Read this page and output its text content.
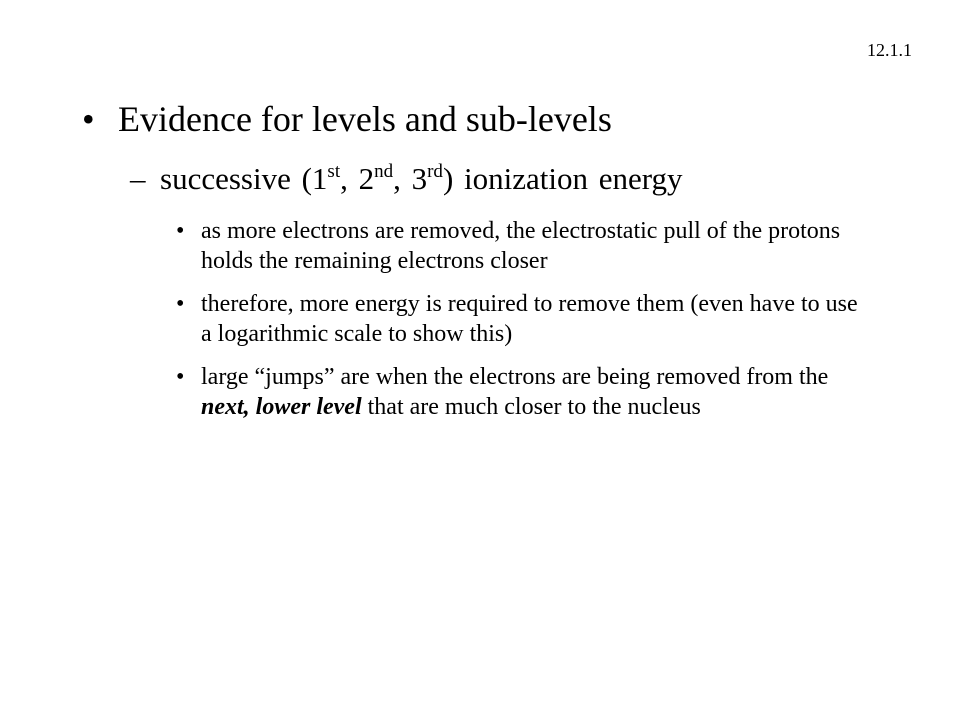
12.1.1
• Evidence for levels and sub-levels
– successive (1st, 2nd, 3rd) ionization energy
• as more electrons are removed, the electrostatic pull of the protons holds the remaining electrons closer
• therefore, more energy is required to remove them (even have to use a logarithmic scale to show this)
• large “jumps” are when the electrons are being removed from the next, lower level that are much closer to the nucleus
